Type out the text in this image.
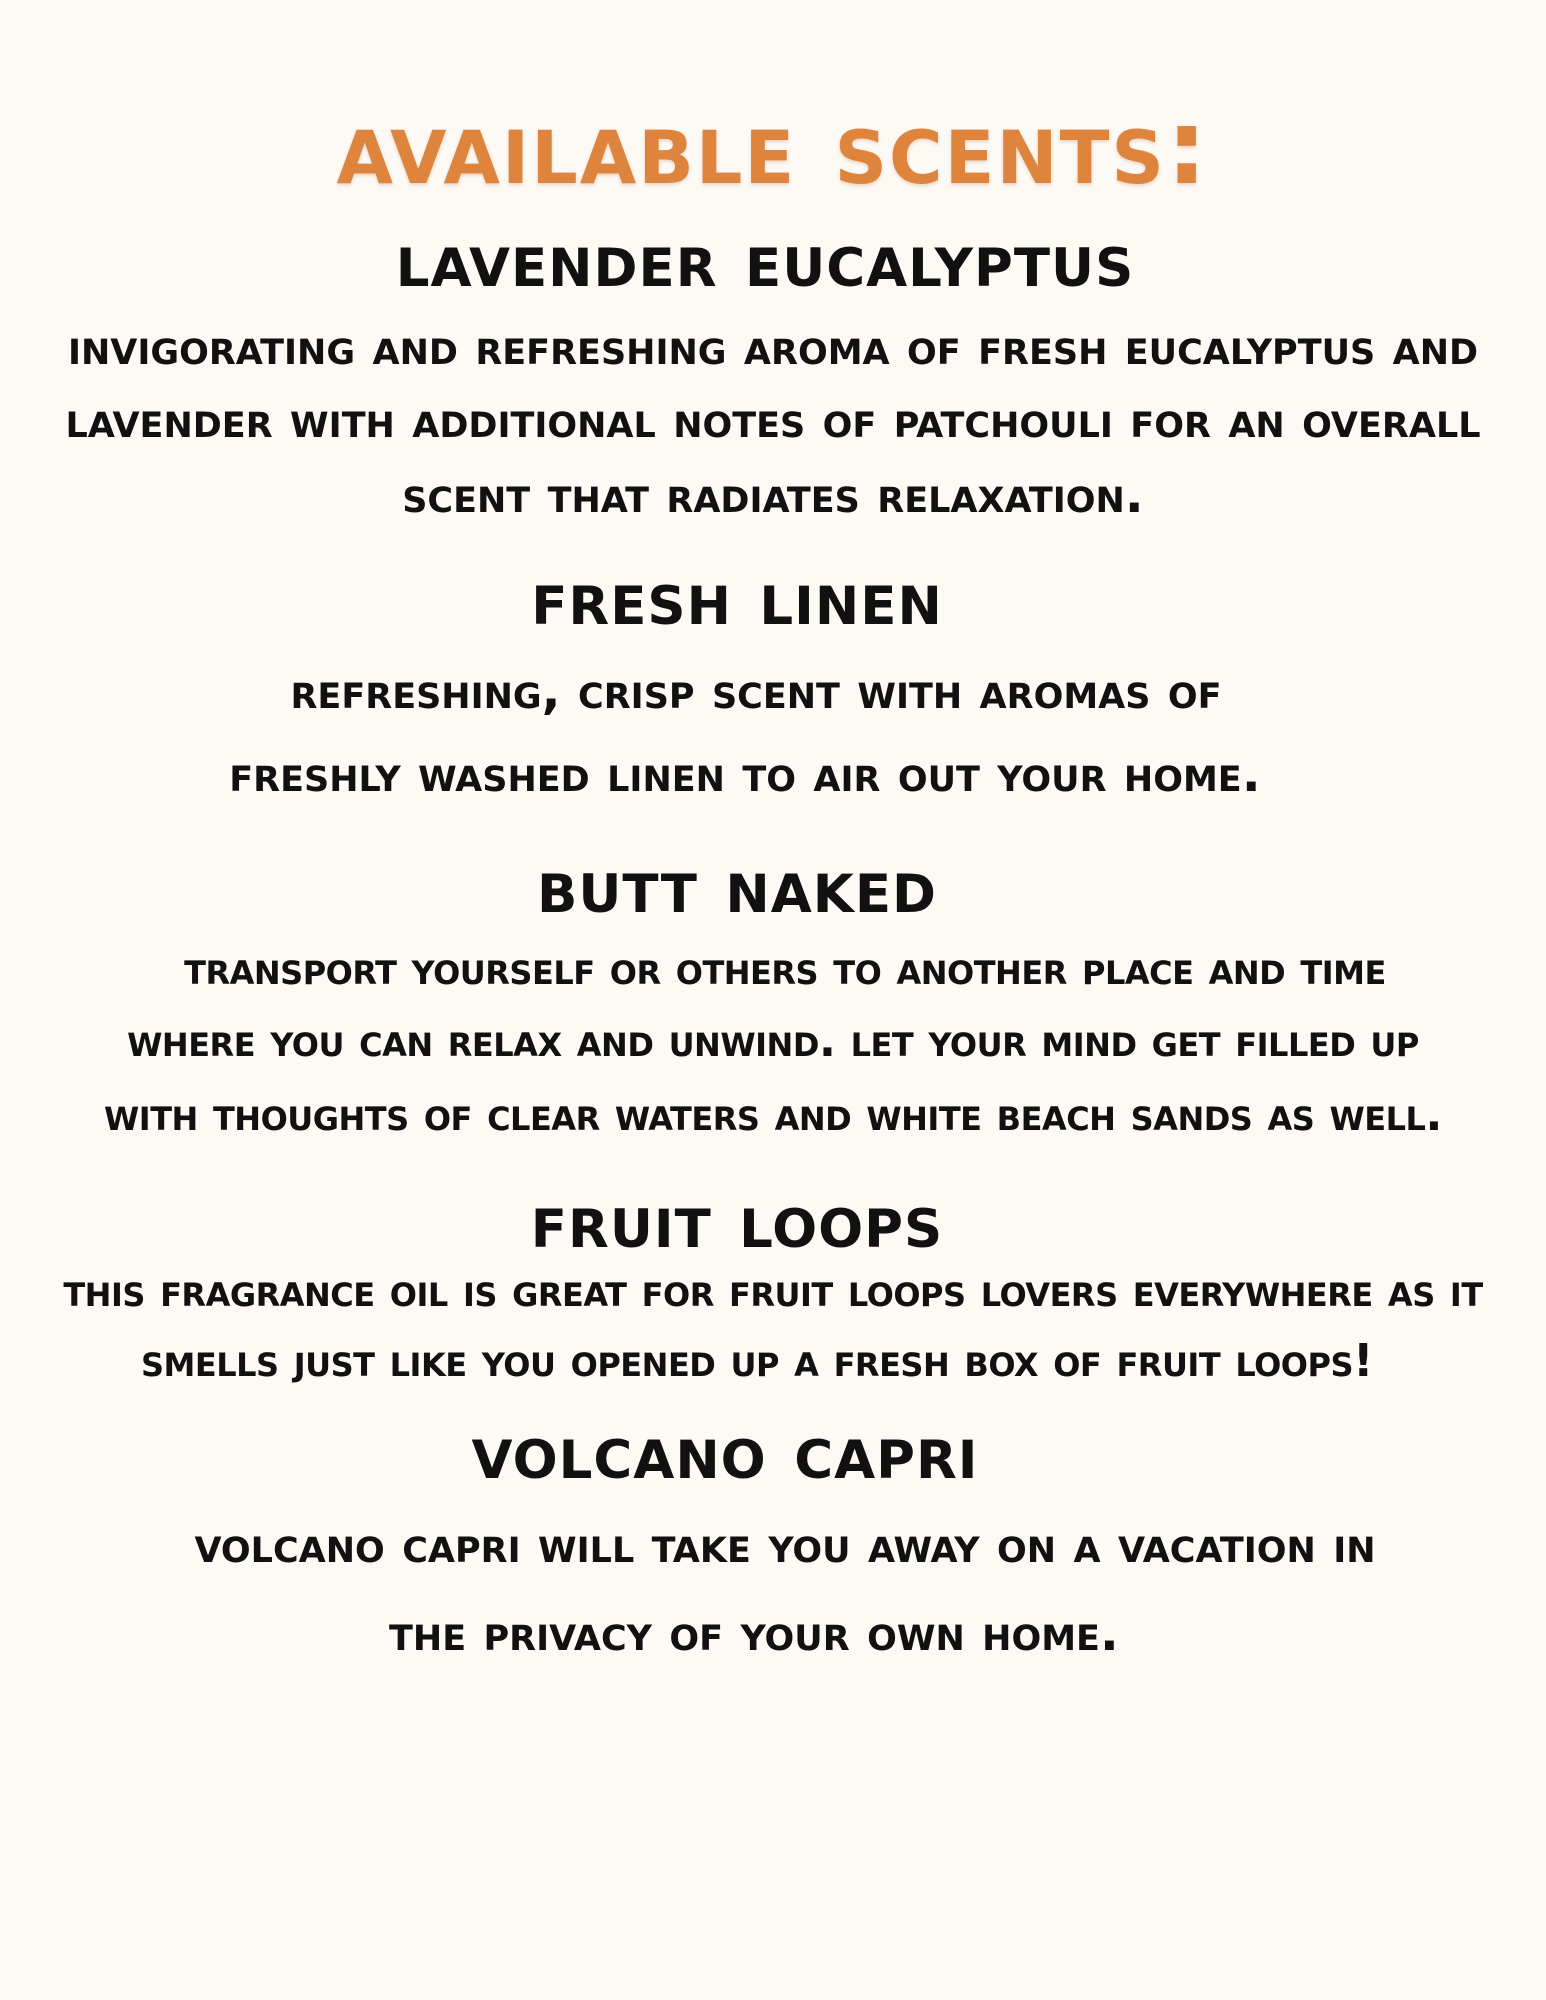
available scents:
lavender eucalyptus
invigorating and refreshing aroma of fresh eucalyptus and
lavender with additional notes of patchouli for an overall
scent that radiates relaxation.
fresh linen
refreshing, crisp scent with aromas of
freshly washed linen to air out your home.
butt naked
transport yourself or others to another place and time
where you can relax and unwind. let your mind get filled up
with thoughts of clear waters and white beach sands as well.
fruit loops
this fragrance oil is great for fruit loops lovers everywhere as it
smells just like you opened up a fresh box of fruit loops!
volcano capri
volcano capri will take you away on a vacation in
the privacy of your own home.
